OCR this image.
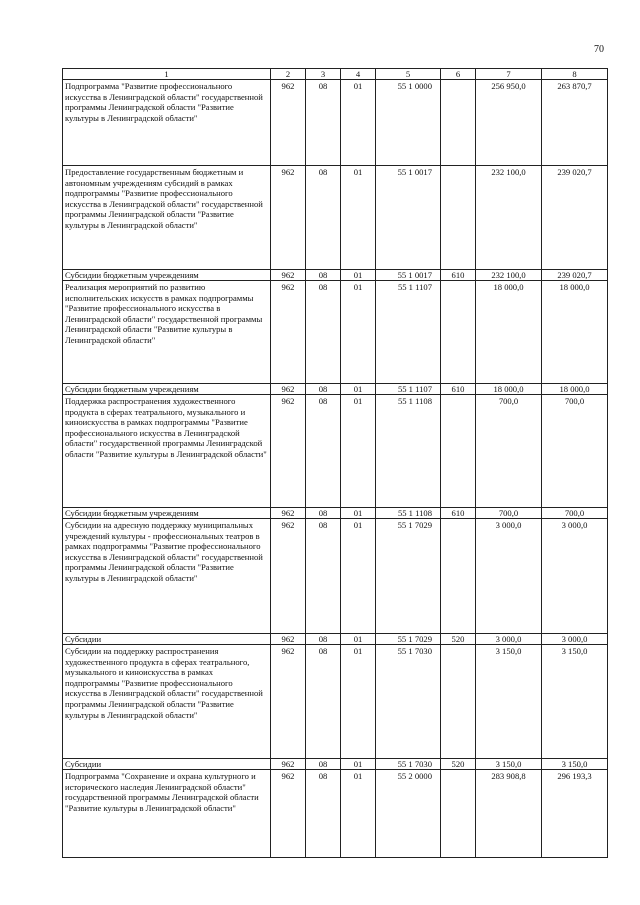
70
1	2	3	4	5	6	7	8
Подпрограмма "Развитие профессионального искусства в Ленинградской области" государственной программы Ленинградской области "Развитие культуры в Ленинградской области"	962	08	01	55 1 0000		256 950,0	263 870,7
Предоставление государственным бюджетным и автономным учреждениям субсидий в рамках подпрограммы "Развитие профессионального искусства в Ленинградской области" государственной программы Ленинградской области "Развитие культуры в Ленинградской области"	962	08	01	55 1 0017		232 100,0	239 020,7
Субсидии бюджетным учреждениям	962	08	01	55 1 0017	610	232 100,0	239 020,7
Реализация мероприятий по развитию исполнительских искусств в рамках подпрограммы "Развитие профессионального искусства в Ленинградской области" государственной программы Ленинградской области "Развитие культуры в Ленинградской области"	962	08	01	55 1 1107		18 000,0	18 000,0
Субсидии бюджетным учреждениям	962	08	01	55 1 1107	610	18 000,0	18 000,0
Поддержка распространения художественного продукта в сферах театрального, музыкального и киноискусства в рамках подпрограммы "Развитие профессионального искусства в Ленинградской области" государственной программы Ленинградской области "Развитие культуры в Ленинградской области"	962	08	01	55 1 1108		700,0	700,0
Субсидии бюджетным учреждениям	962	08	01	55 1 1108	610	700,0	700,0
Субсидии на адресную поддержку муниципальных учреждений культуры - профессиональных театров в рамках подпрограммы "Развитие профессионального искусства в Ленинградской области" государственной программы Ленинградской области "Развитие культуры в Ленинградской области"	962	08	01	55 1 7029		3 000,0	3 000,0
Субсидии	962	08	01	55 1 7029	520	3 000,0	3 000,0
Субсидии на поддержку распространения художественного продукта в сферах театрального, музыкального и киноискусства в рамках подпрограммы "Развитие профессионального искусства в Ленинградской области" государственной программы Ленинградской области "Развитие культуры в Ленинградской области"	962	08	01	55 1 7030		3 150,0	3 150,0
Субсидии	962	08	01	55 1 7030	520	3 150,0	3 150,0
Подпрограмма "Сохранение и охрана культурного и исторического наследия Ленинградской области" государственной программы Ленинградской области "Развитие культуры в Ленинградской области"	962	08	01	55 2 0000		283 908,8	296 193,3
